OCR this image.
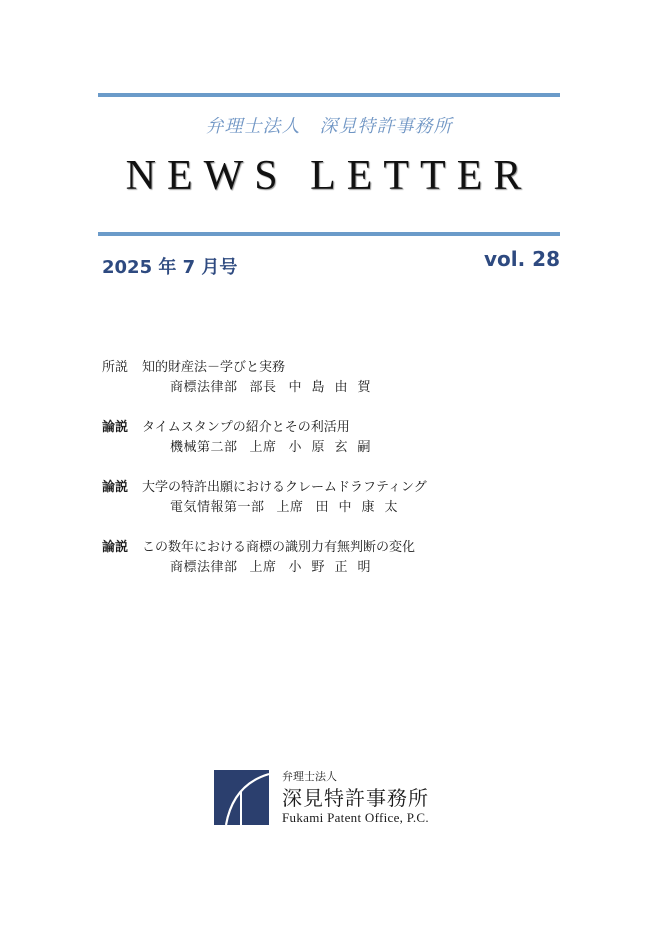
弁理士法人　深見特許事務所
NEWS LETTER
2025 年 7 月号	vol. 28
所説 知的財産法－学びと実務
商標法律部 部長 中島由賀
論説 タイムスタンプの紹介とその利活用
機械第二部 上席 小原玄嗣
論説 大学の特許出願におけるクレームドラフティング
電気情報第一部 上席 田中康太
論説 この数年における商標の識別力有無判断の変化
商標法律部 上席 小野正明
弁理士法人
深見特許事務所
Fukami Patent Office, P.C.
